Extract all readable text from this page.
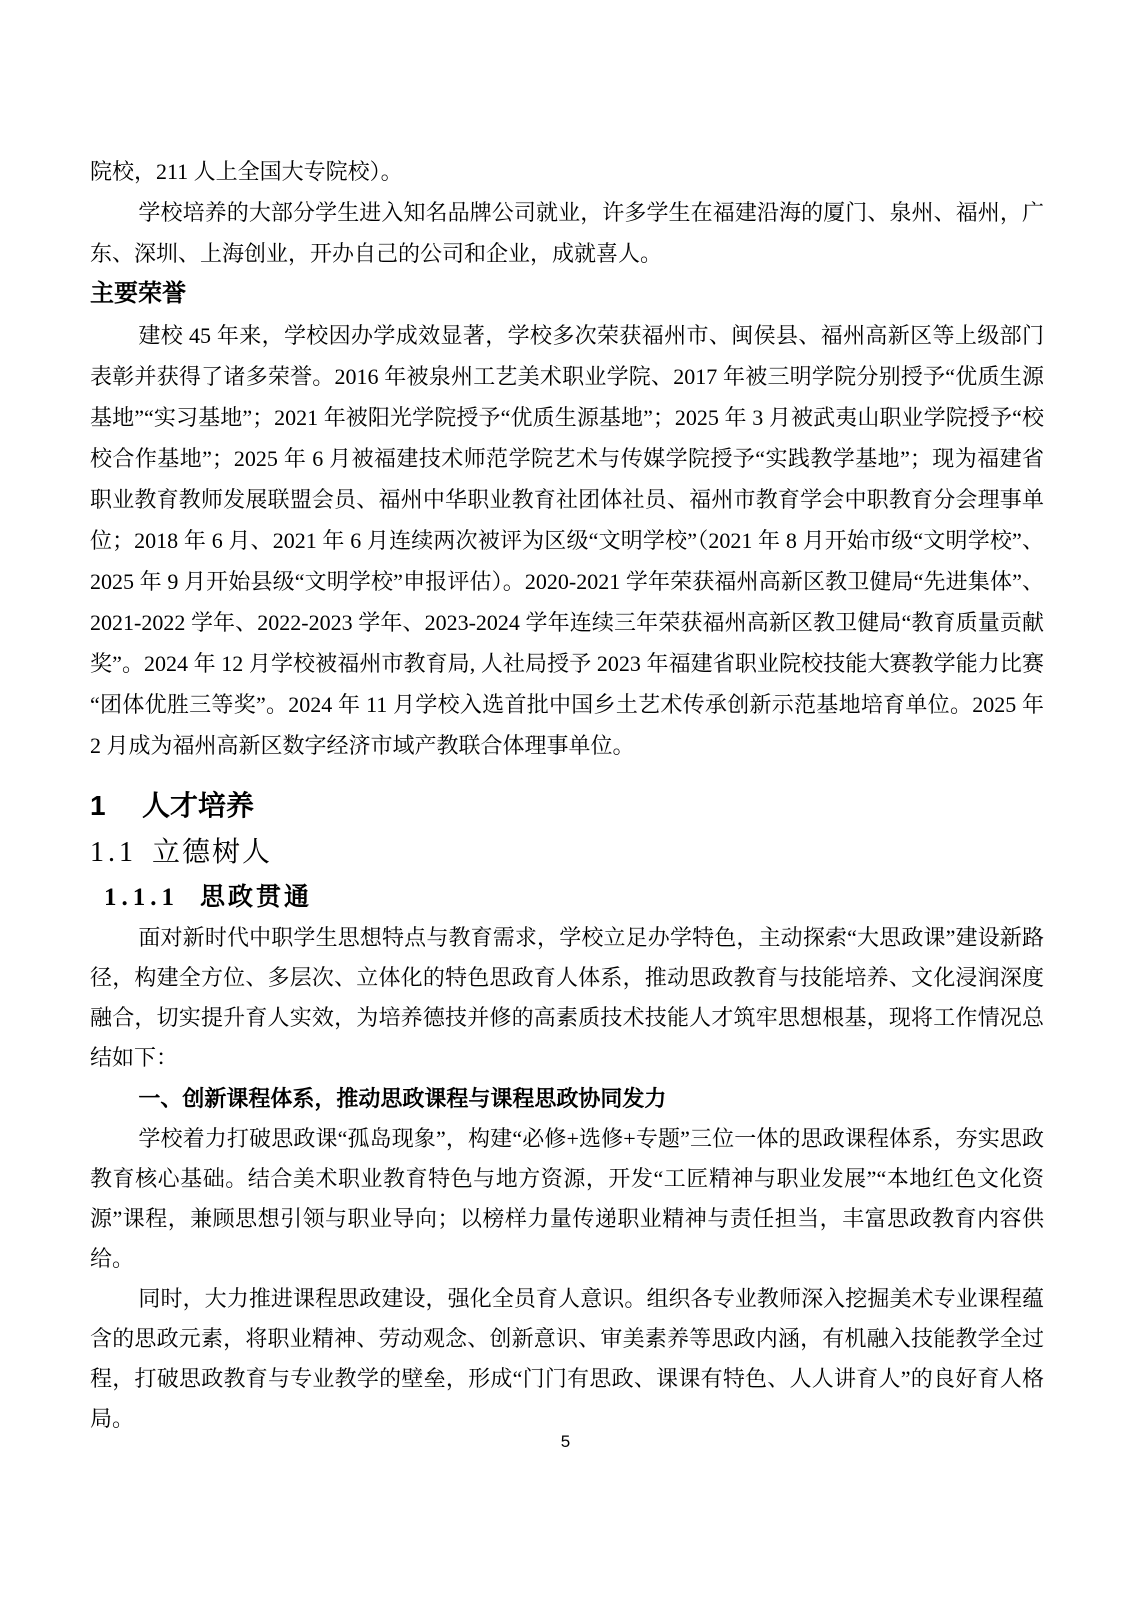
院校，211 人上全国大专院校）。

学校培养的大部分学生进入知名品牌公司就业，许多学生在福建沿海的厦门、泉州、福州，广东、深圳、上海创业，开办自己的公司和企业，成就喜人。

主要荣誉

建校 45 年来，学校因办学成效显著，学校多次荣获福州市、闽侯县、福州高新区等上级部门表彰并获得了诸多荣誉。2016 年被泉州工艺美术职业学院、2017 年被三明学院分别授予“优质生源基地”“实习基地”；2021 年被阳光学院授予“优质生源基地”；2025 年 3 月被武夷山职业学院授予“校校合作基地”；2025 年 6 月被福建技术师范学院艺术与传媒学院授予“实践教学基地”；现为福建省职业教育教师发展联盟会员、福州中华职业教育社团体社员、福州市教育学会中职教育分会理事单位；2018 年 6 月、2021 年 6 月连续两次被评为区级“文明学校”（2021 年 8 月开始市级“文明学校”、2025 年 9 月开始县级“文明学校”申报评估）。2020-2021 学年荣获福州高新区教卫健局“先进集体”、2021-2022 学年、2022-2023 学年、2023-2024 学年连续三年荣获福州高新区教卫健局“教育质量贡献奖”。2024 年 12 月学校被福州市教育局, 人社局授予 2023 年福建省职业院校技能大赛教学能力比赛“团体优胜三等奖”。2024 年 11 月学校入选首批中国乡土艺术传承创新示范基地培育单位。2025 年 2 月成为福州高新区数字经济市域产教联合体理事单位。

1 人才培养
1.1 立德树人
1.1.1 思政贯通

面对新时代中职学生思想特点与教育需求，学校立足办学特色，主动探索“大思政课”建设新路径，构建全方位、多层次、立体化的特色思政育人体系，推动思政教育与技能培养、文化浸润深度融合，切实提升育人实效，为培养德技并修的高素质技术技能人才筑牢思想根基，现将工作情况总结如下：

一、创新课程体系，推动思政课程与课程思政协同发力

学校着力打破思政课“孤岛现象”，构建“必修+选修+专题”三位一体的思政课程体系，夯实思政教育核心基础。结合美术职业教育特色与地方资源，开发“工匠精神与职业发展”“本地红色文化资源”课程，兼顾思想引领与职业导向；以榜样力量传递职业精神与责任担当，丰富思政教育内容供给。

同时，大力推进课程思政建设，强化全员育人意识。组织各专业教师深入挖掘美术专业课程蕴含的思政元素，将职业精神、劳动观念、创新意识、审美素养等思政内涵，有机融入技能教学全过程，打破思政教育与专业教学的壁垒，形成“门门有思政、课课有特色、人人讲育人”的良好育人格局。

5
